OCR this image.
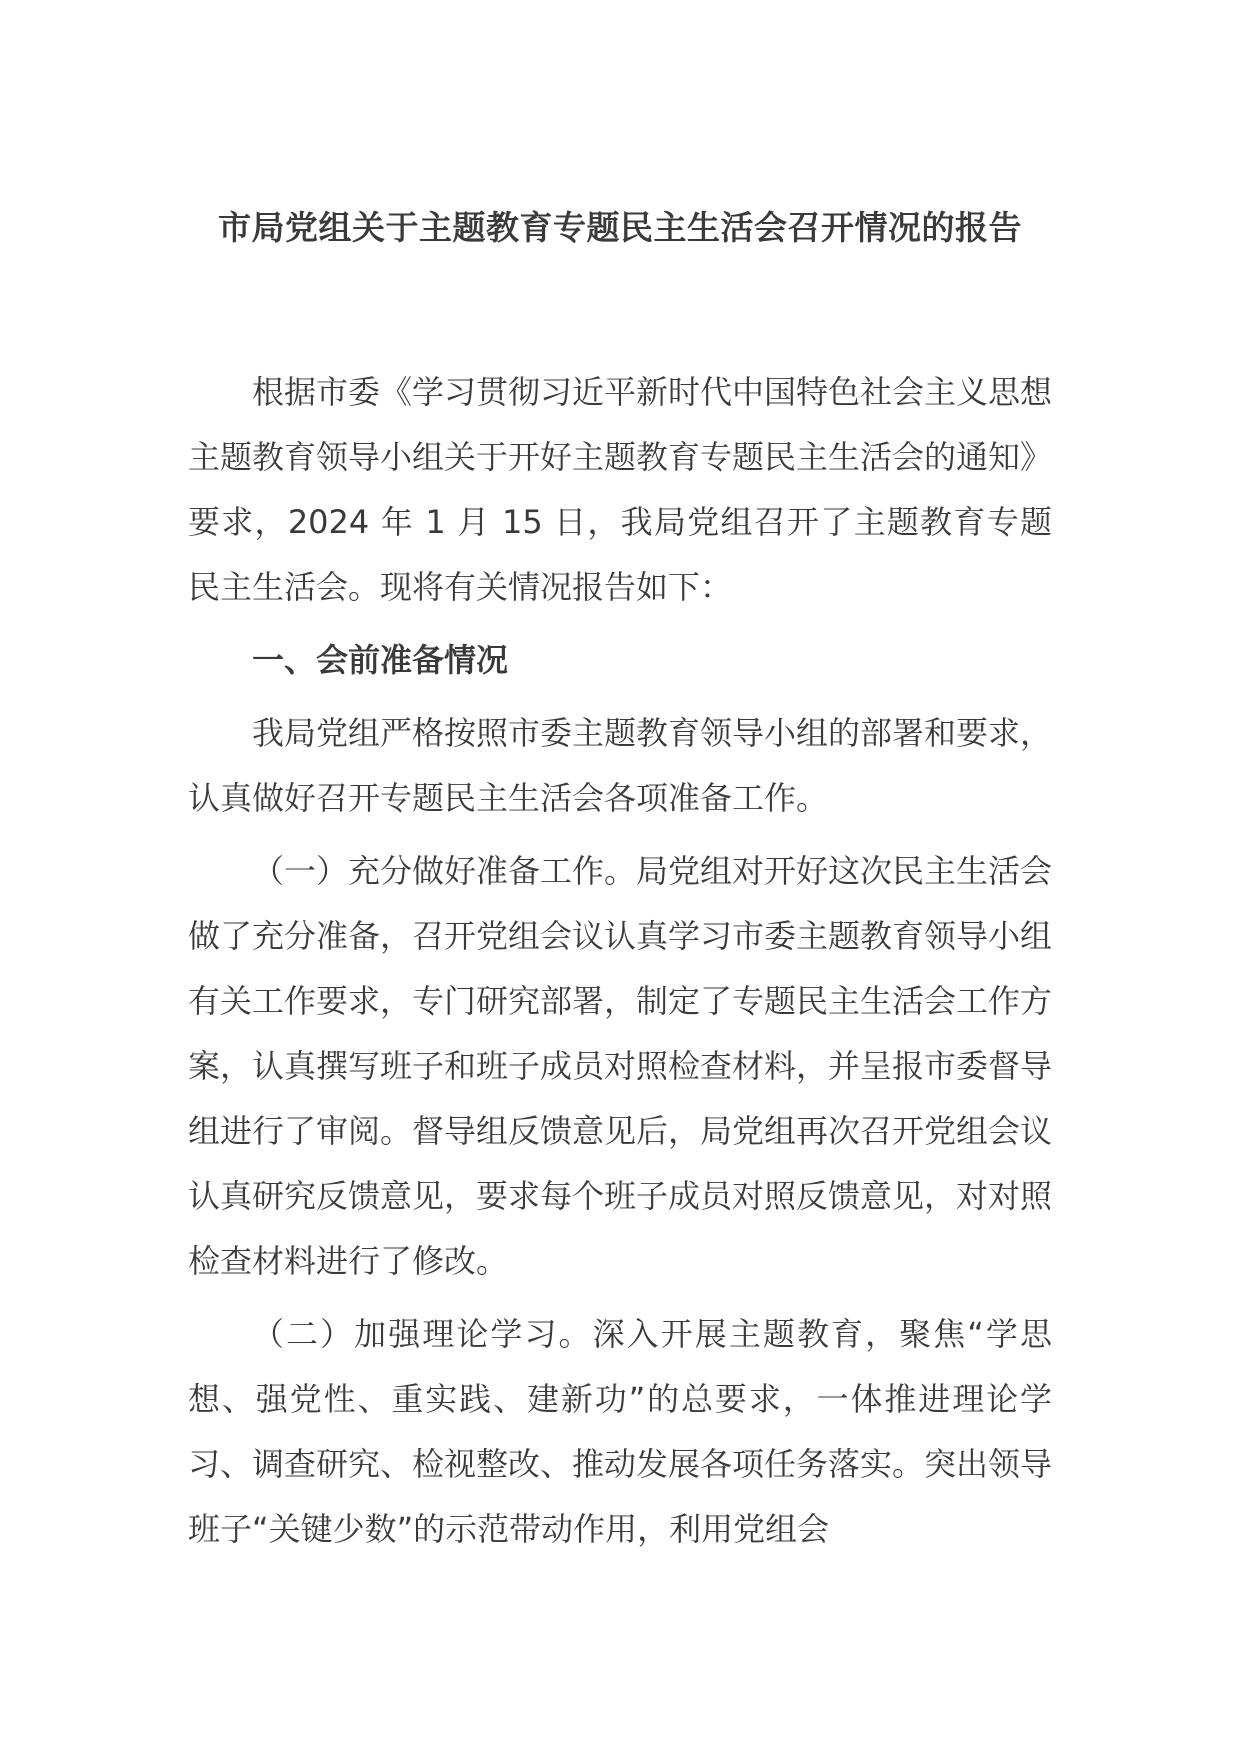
市局党组关于主题教育专题民主生活会召开情况的报告

根据市委《学习贯彻习近平新时代中国特色社会主义思想主题教育领导小组关于开好主题教育专题民主生活会的通知》要求，2024 年 1 月 15 日，我局党组召开了主题教育专题民主生活会。现将有关情况报告如下：

一、会前准备情况

我局党组严格按照市委主题教育领导小组的部署和要求，认真做好召开专题民主生活会各项准备工作。

（一）充分做好准备工作。局党组对开好这次民主生活会做了充分准备，召开党组会议认真学习市委主题教育领导小组有关工作要求，专门研究部署，制定了专题民主生活会工作方案，认真撰写班子和班子成员对照检查材料，并呈报市委督导组进行了审阅。督导组反馈意见后，局党组再次召开党组会议认真研究反馈意见，要求每个班子成员对照反馈意见，对对照检查材料进行了修改。

（二）加强理论学习。深入开展主题教育，聚焦“学思想、强党性、重实践、建新功”的总要求，一体推进理论学习、调查研究、检视整改、推动发展各项任务落实。突出领导班子“关键少数”的示范带动作用，利用党组会
